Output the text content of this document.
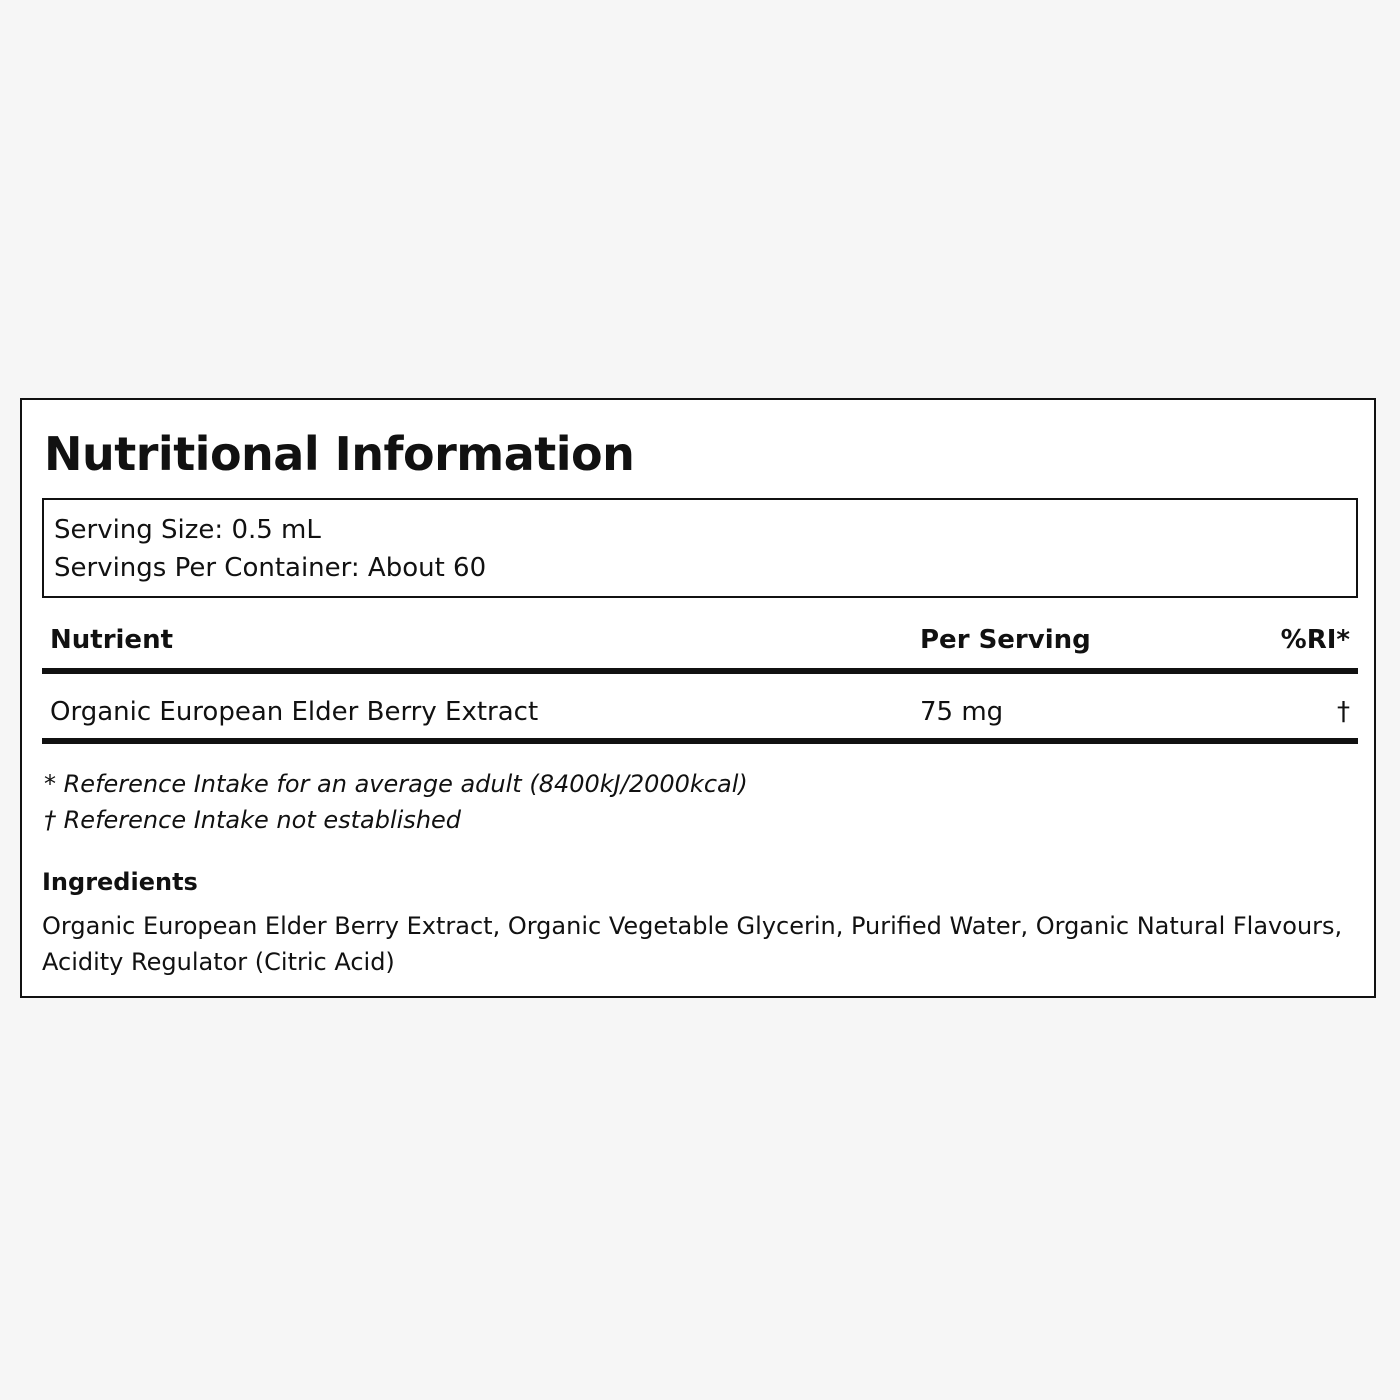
Nutritional Information
Serving Size: 0.5 mL
Servings Per Container: About 60
Nutrient	Per Serving	%RI*
Organic European Elder Berry Extract	75 mg	†
* Reference Intake for an average adult (8400kJ/2000kcal)
† Reference Intake not established
Ingredients

Organic European Elder Berry Extract, Organic Vegetable Glycerin, Purified Water, Organic Natural Flavours, Acidity Regulator (Citric Acid)
